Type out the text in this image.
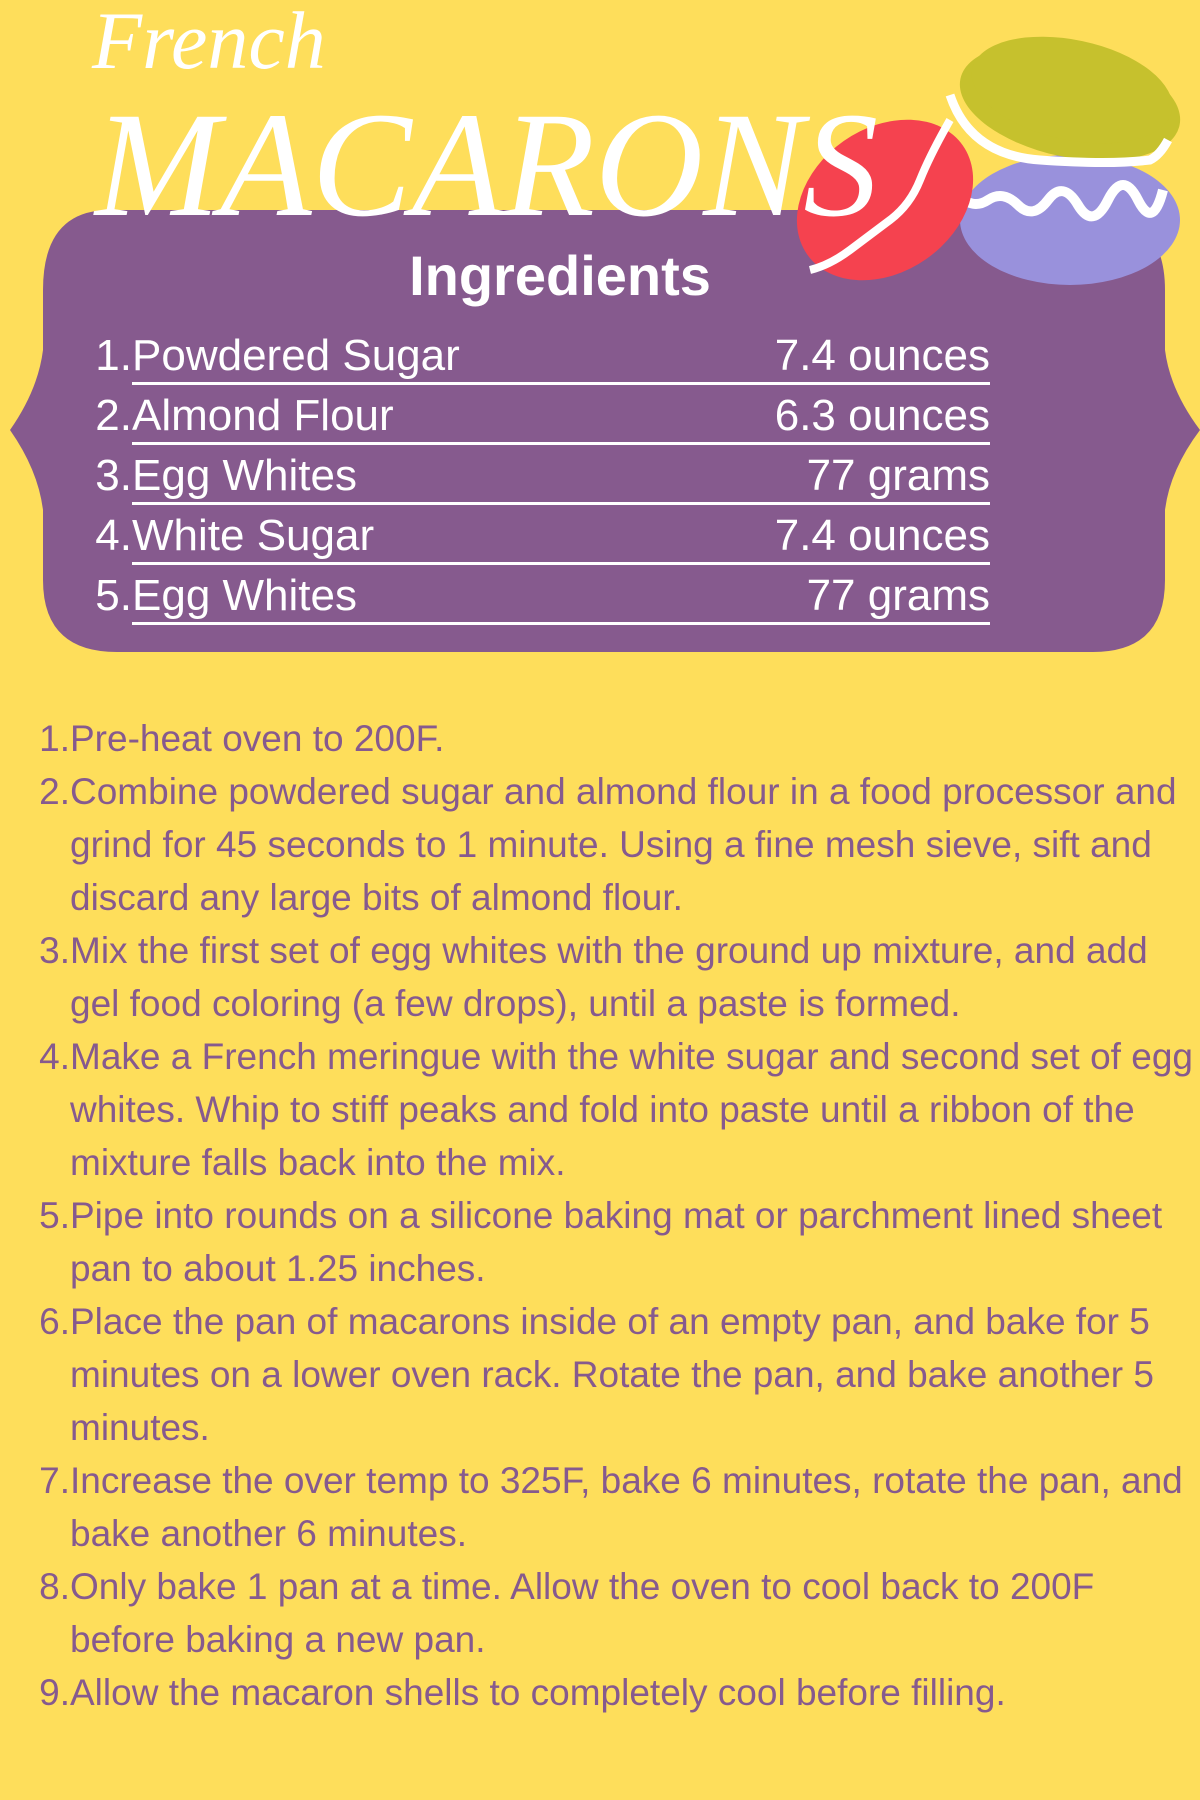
French
MACARONS
Ingredients
1. Powdered Sugar	7.4 ounces
2. Almond Flour	6.3 ounces
3. Egg Whites	77 grams
4. White Sugar	7.4 ounces
5. Egg Whites	77 grams
1. Pre-heat oven to 200F.
2. Combine powdered sugar and almond flour in a food processor and grind for 45 seconds to 1 minute. Using a fine mesh sieve, sift and discard any large bits of almond flour.
3. Mix the first set of egg whites with the ground up mixture, and add gel food coloring (a few drops), until a paste is formed.
4. Make a French meringue with the white sugar and second set of egg whites. Whip to stiff peaks and fold into paste until a ribbon of the mixture falls back into the mix.
5. Pipe into rounds on a silicone baking mat or parchment lined sheet pan to about 1.25 inches.
6. Place the pan of macarons inside of an empty pan, and bake for 5 minutes on a lower oven rack. Rotate the pan, and bake another 5 minutes.
7. Increase the over temp to 325F, bake 6 minutes, rotate the pan, and bake another 6 minutes.
8. Only bake 1 pan at a time. Allow the oven to cool back to 200F before baking a new pan.
9. Allow the macaron shells to completely cool before filling.
